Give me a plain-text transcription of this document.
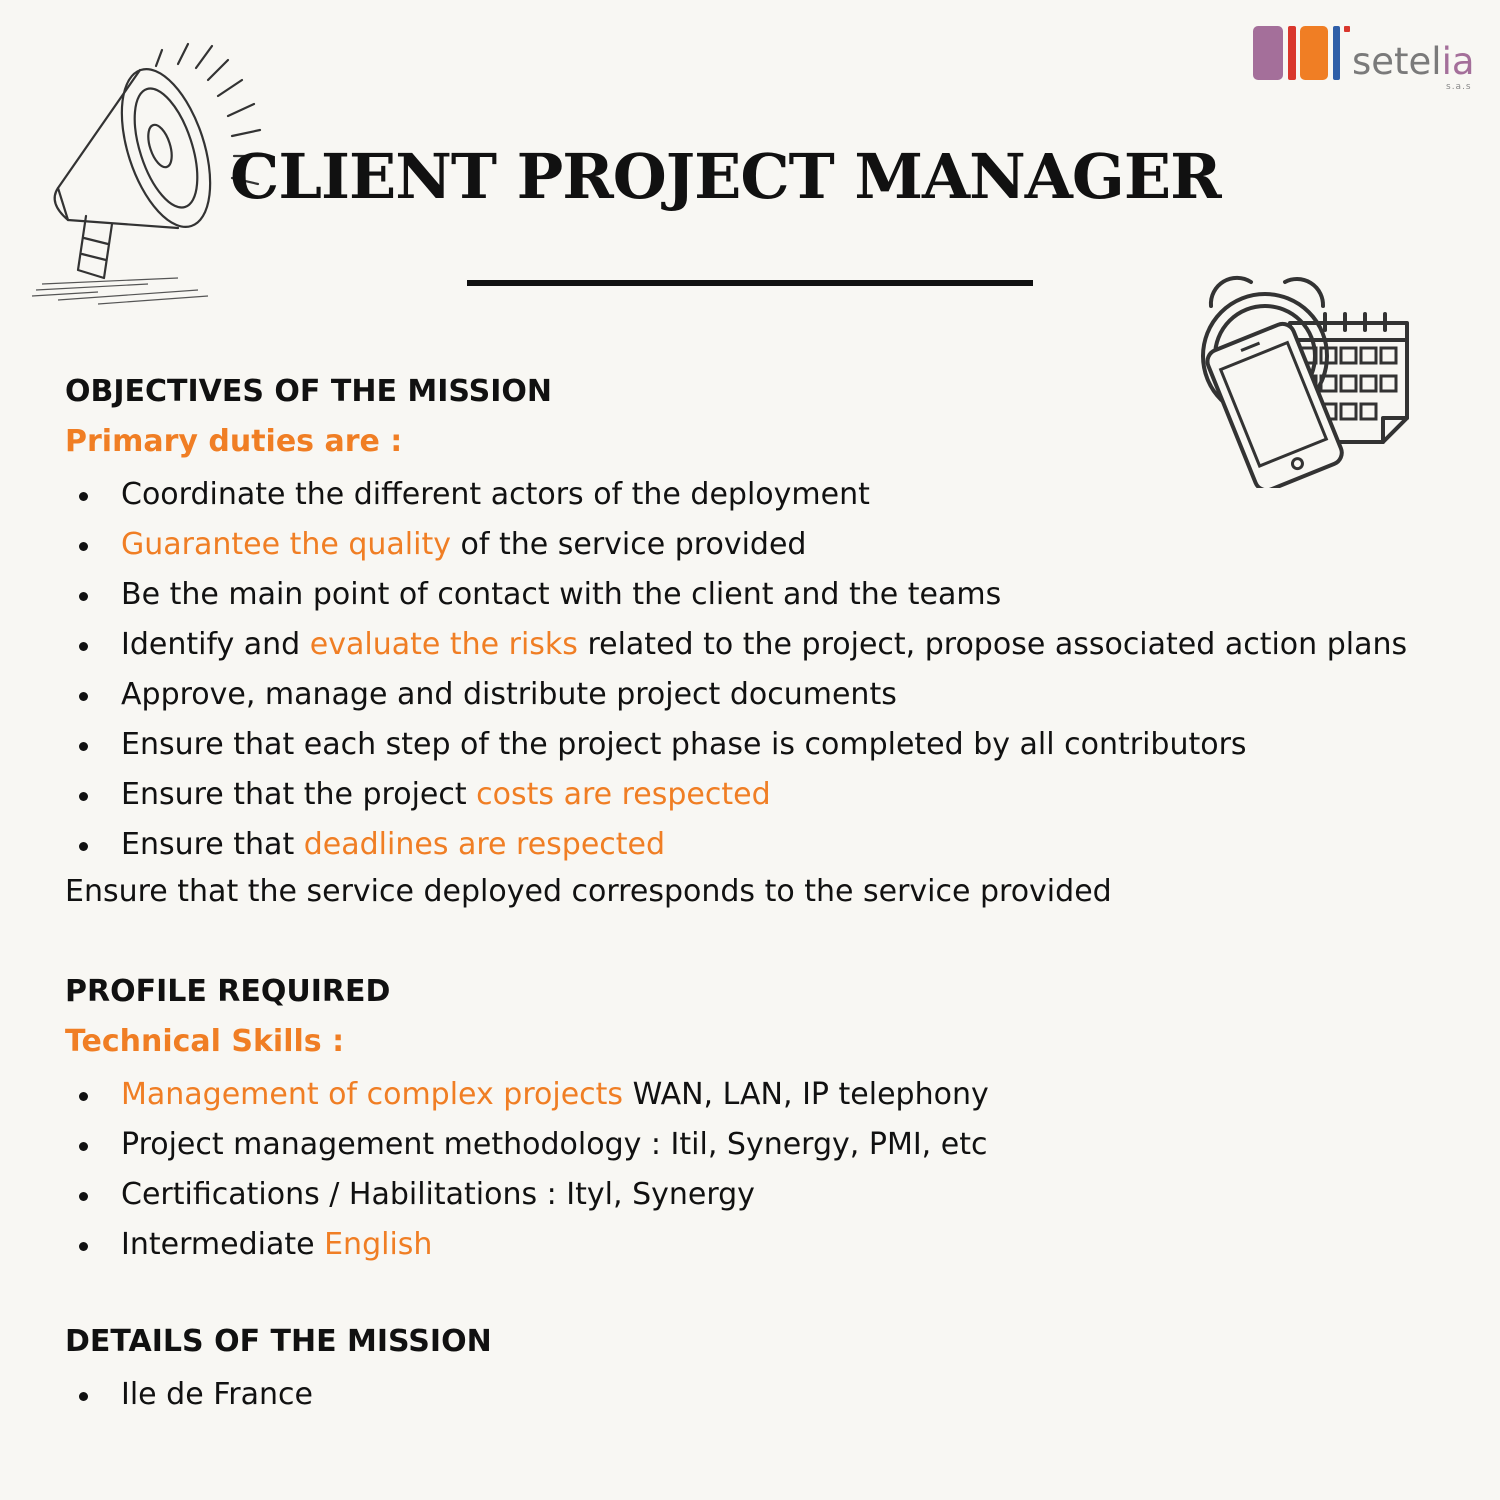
setelia
s.a.s
CLIENT PROJECT MANAGER
OBJECTIVES OF THE MISSION
Primary duties are :
Coordinate the different actors of the deployment
Guarantee the quality of the service provided
Be the main point of contact with the client and the teams
Identify and evaluate the risks related to the project, propose associated action plans
Approve, manage and distribute project documents
Ensure that each step of the project phase is completed by all contributors
Ensure that the project costs are respected
Ensure that deadlines are respected
Ensure that the service deployed corresponds to the service provided
PROFILE REQUIRED
Technical Skills :
Management of complex projects WAN, LAN, IP telephony
Project management methodology : Itil, Synergy, PMI, etc
Certifications / Habilitations : Ityl, Synergy
Intermediate English
DETAILS OF THE MISSION
Ile de France
